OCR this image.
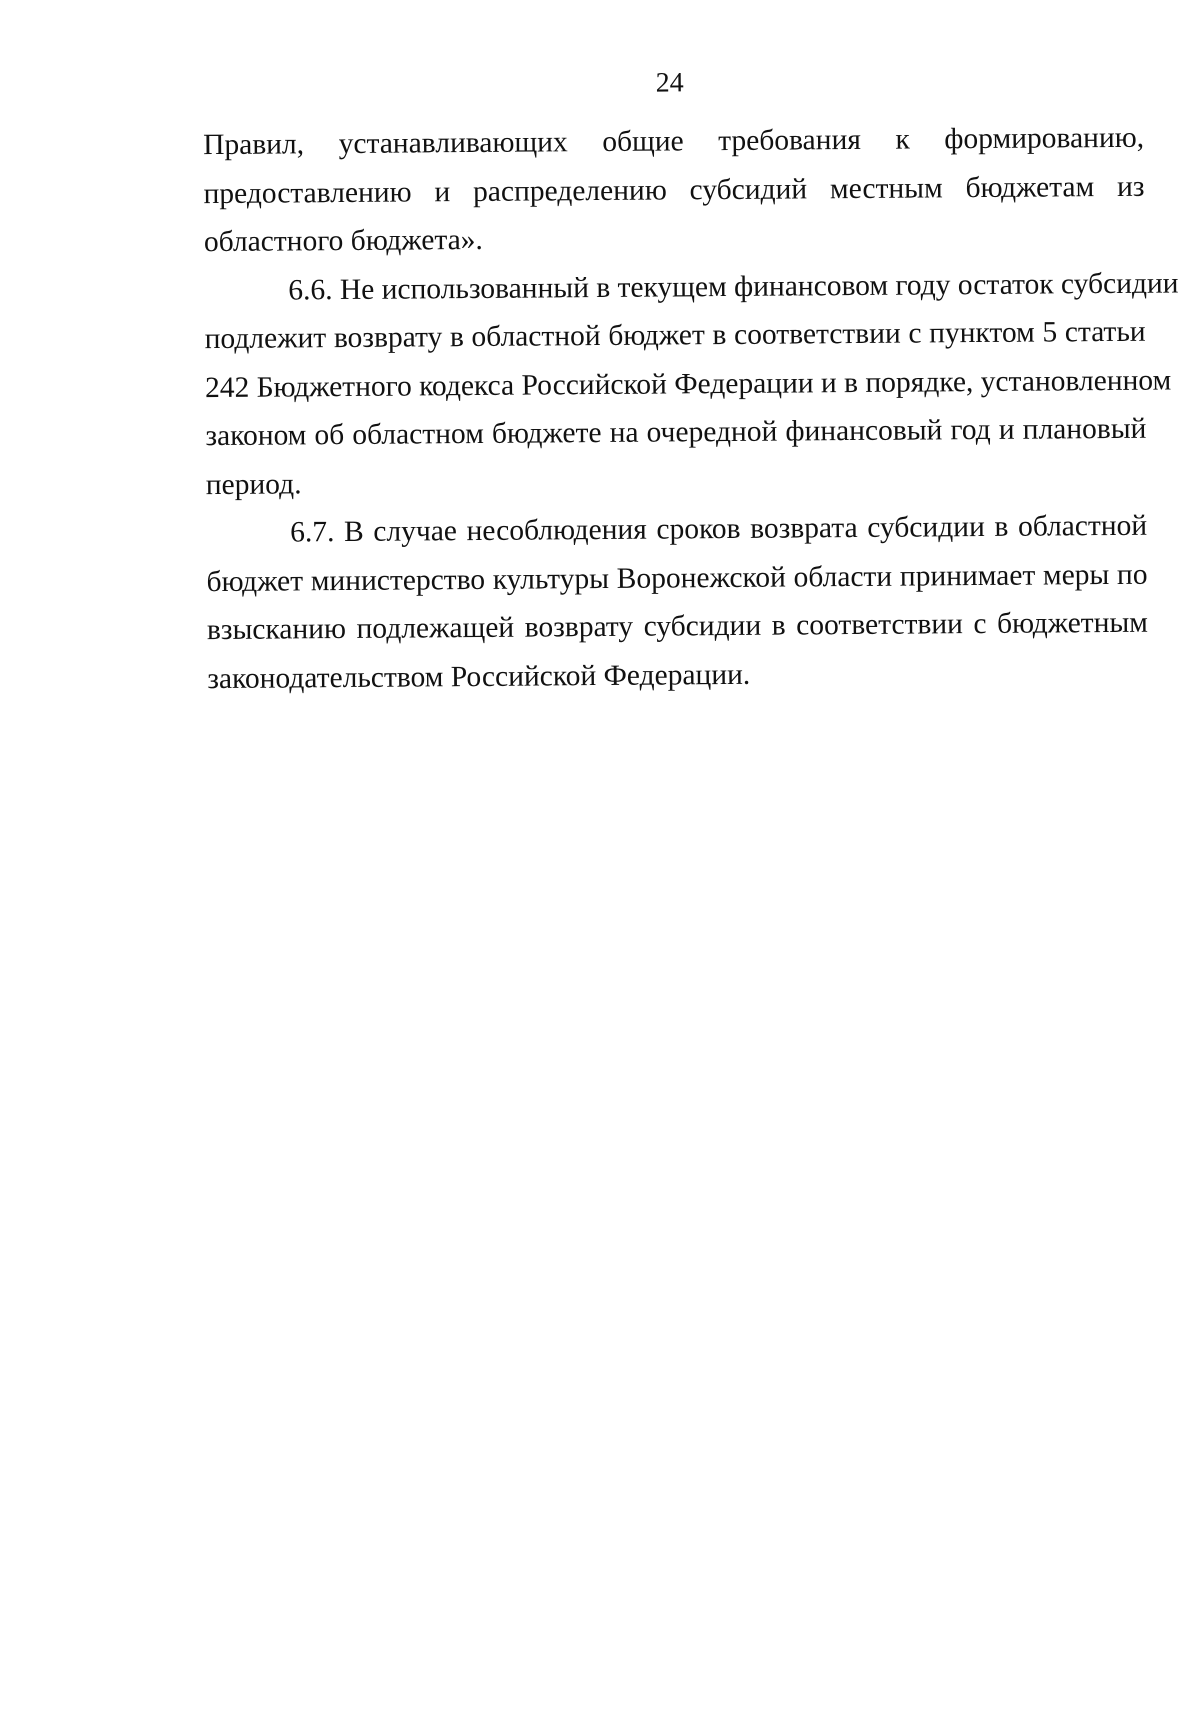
24

Правил, устанавливающих общие требования к формированию,
предоставлению и распределению субсидий местным бюджетам из
областного бюджета».

6.6. Не использованный в текущем финансовом году остаток субсидии
подлежит возврату в областной бюджет в соответствии с пунктом 5 статьи
242 Бюджетного кодекса Российской Федерации и в порядке, установленном
законом об областном бюджете на очередной финансовый год и плановый
период.

6.7. В случае несоблюдения сроков возврата субсидии в областной
бюджет министерство культуры Воронежской области принимает меры по
взысканию подлежащей возврату субсидии в соответствии с бюджетным
законодательством Российской Федерации.
